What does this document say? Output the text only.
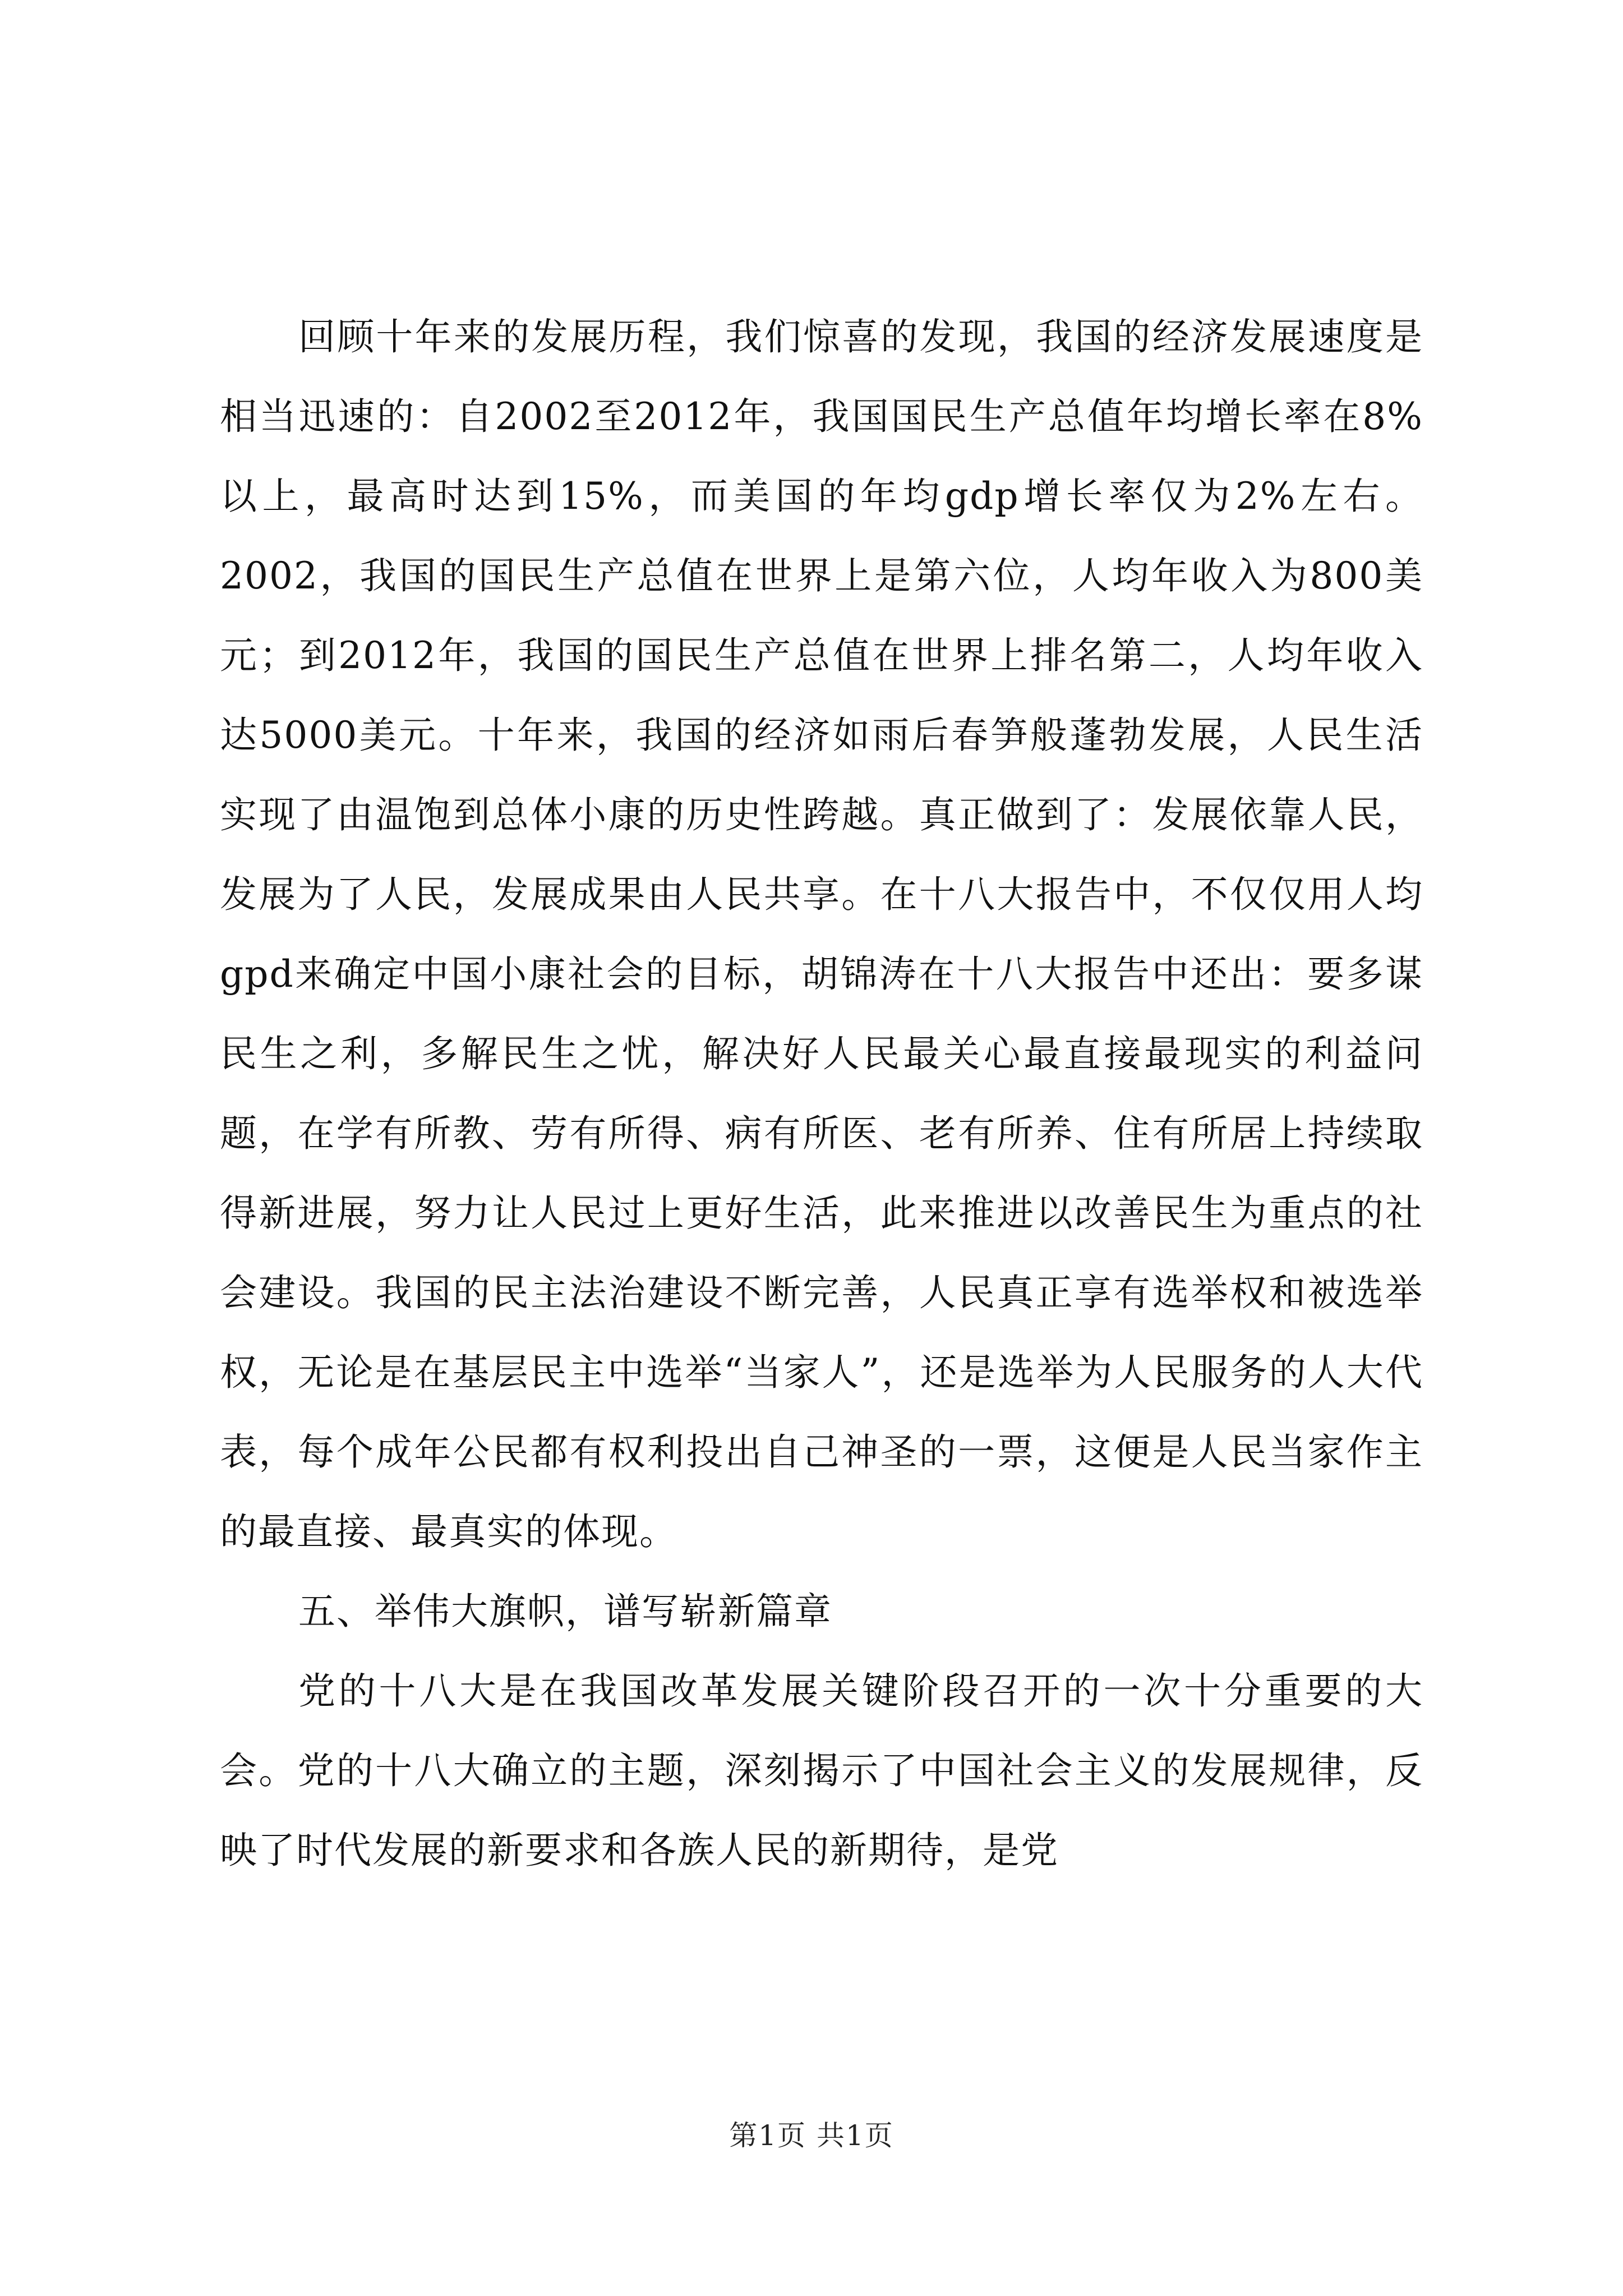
回顾十年来的发展历程，我们惊喜的发现，我国的经济发展速度是相当迅速的：自2002至2012年，我国国民生产总值年均增长率在8%以上，最高时达到15%，而美国的年均gdp增长率仅为2%左右。2002，我国的国民生产总值在世界上是第六位，人均年收入为800美元；到2012年，我国的国民生产总值在世界上排名第二，人均年收入达5000美元。十年来，我国的经济如雨后春笋般蓬勃发展，人民生活实现了由温饱到总体小康的历史性跨越。真正做到了：发展依靠人民，发展为了人民，发展成果由人民共享。在十八大报告中，不仅仅用人均gpd来确定中国小康社会的目标，胡锦涛在十八大报告中还出：要多谋民生之利，多解民生之忧，解决好人民最关心最直接最现实的利益问题，在学有所教、劳有所得、病有所医、老有所养、住有所居上持续取得新进展，努力让人民过上更好生活，此来推进以改善民生为重点的社会建设。我国的民主法治建设不断完善，人民真正享有选举权和被选举权，无论是在基层民主中选举“当家人”，还是选举为人民服务的人大代表，每个成年公民都有权利投出自己神圣的一票，这便是人民当家作主的最直接、最真实的体现。

五、举伟大旗帜，谱写崭新篇章

党的十八大是在我国改革发展关键阶段召开的一次十分重要的大会。党的十八大确立的主题，深刻揭示了中国社会主义的发展规律，反映了时代发展的新要求和各族人民的新期待，是党

第1页 共1页
